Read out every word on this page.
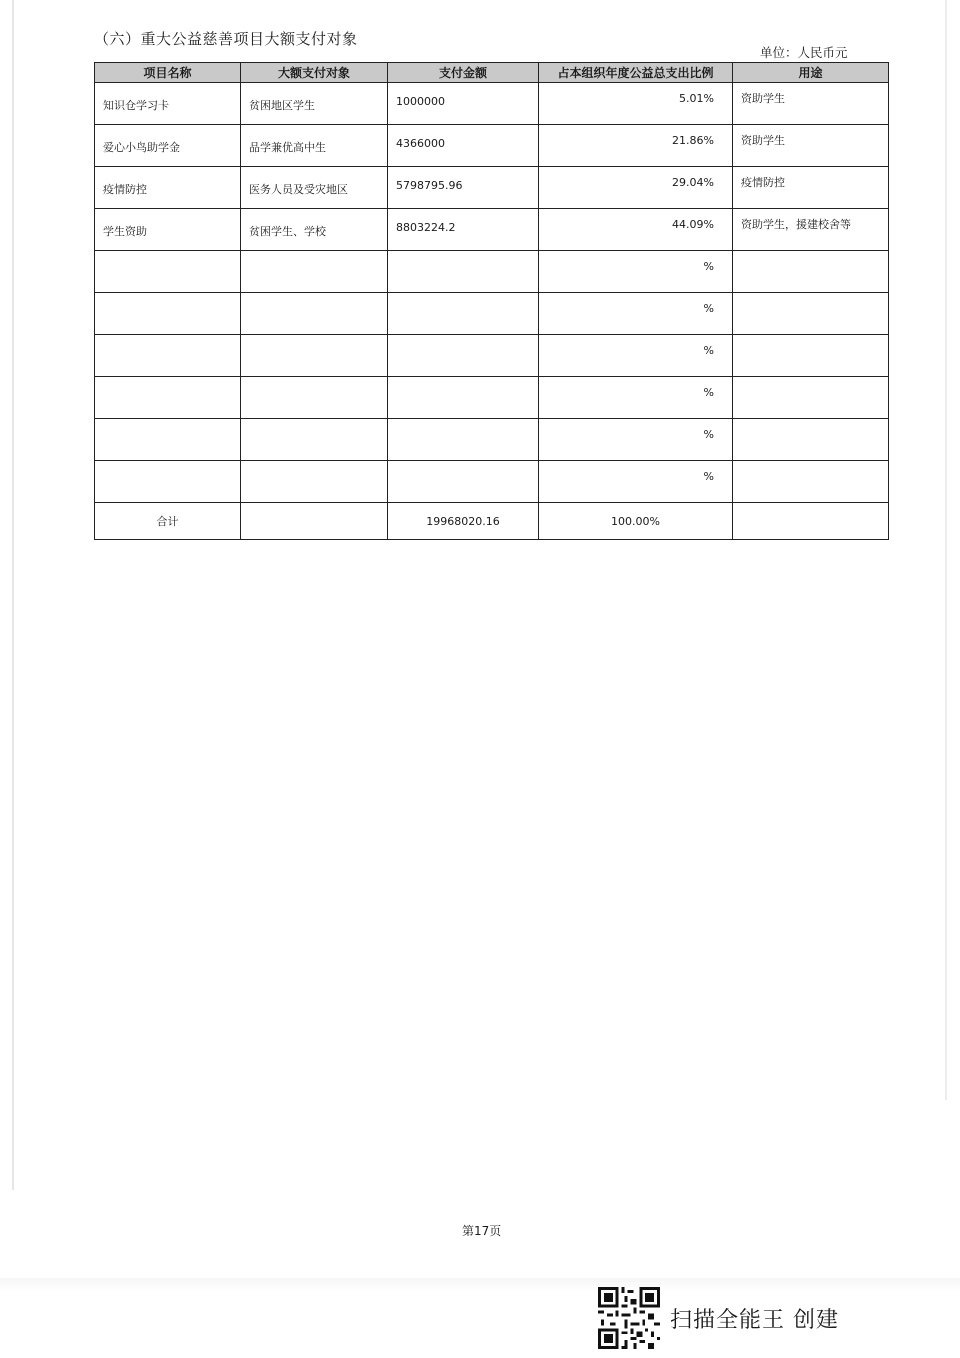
（六）重大公益慈善项目大额支付对象
单位：人民币元
项目名称	大额支付对象	支付金额	占本组织年度公益总支出比例	用途

知识仓学习卡	贫困地区学生	1000000	5.01%	资助学生

爱心小鸟助学金	品学兼优高中生	4366000	21.86%	资助学生

疫情防控	医务人员及受灾地区	5798795.96	29.04%	疫情防控

学生资助	贫困学生、学校	8803224.2	44.09%	资助学生，援建校舍等

			%	

			%	

			%	

			%	

			%	

			%	

合计		19968020.16	100.00%	
第17页
扫描全能王 创建
